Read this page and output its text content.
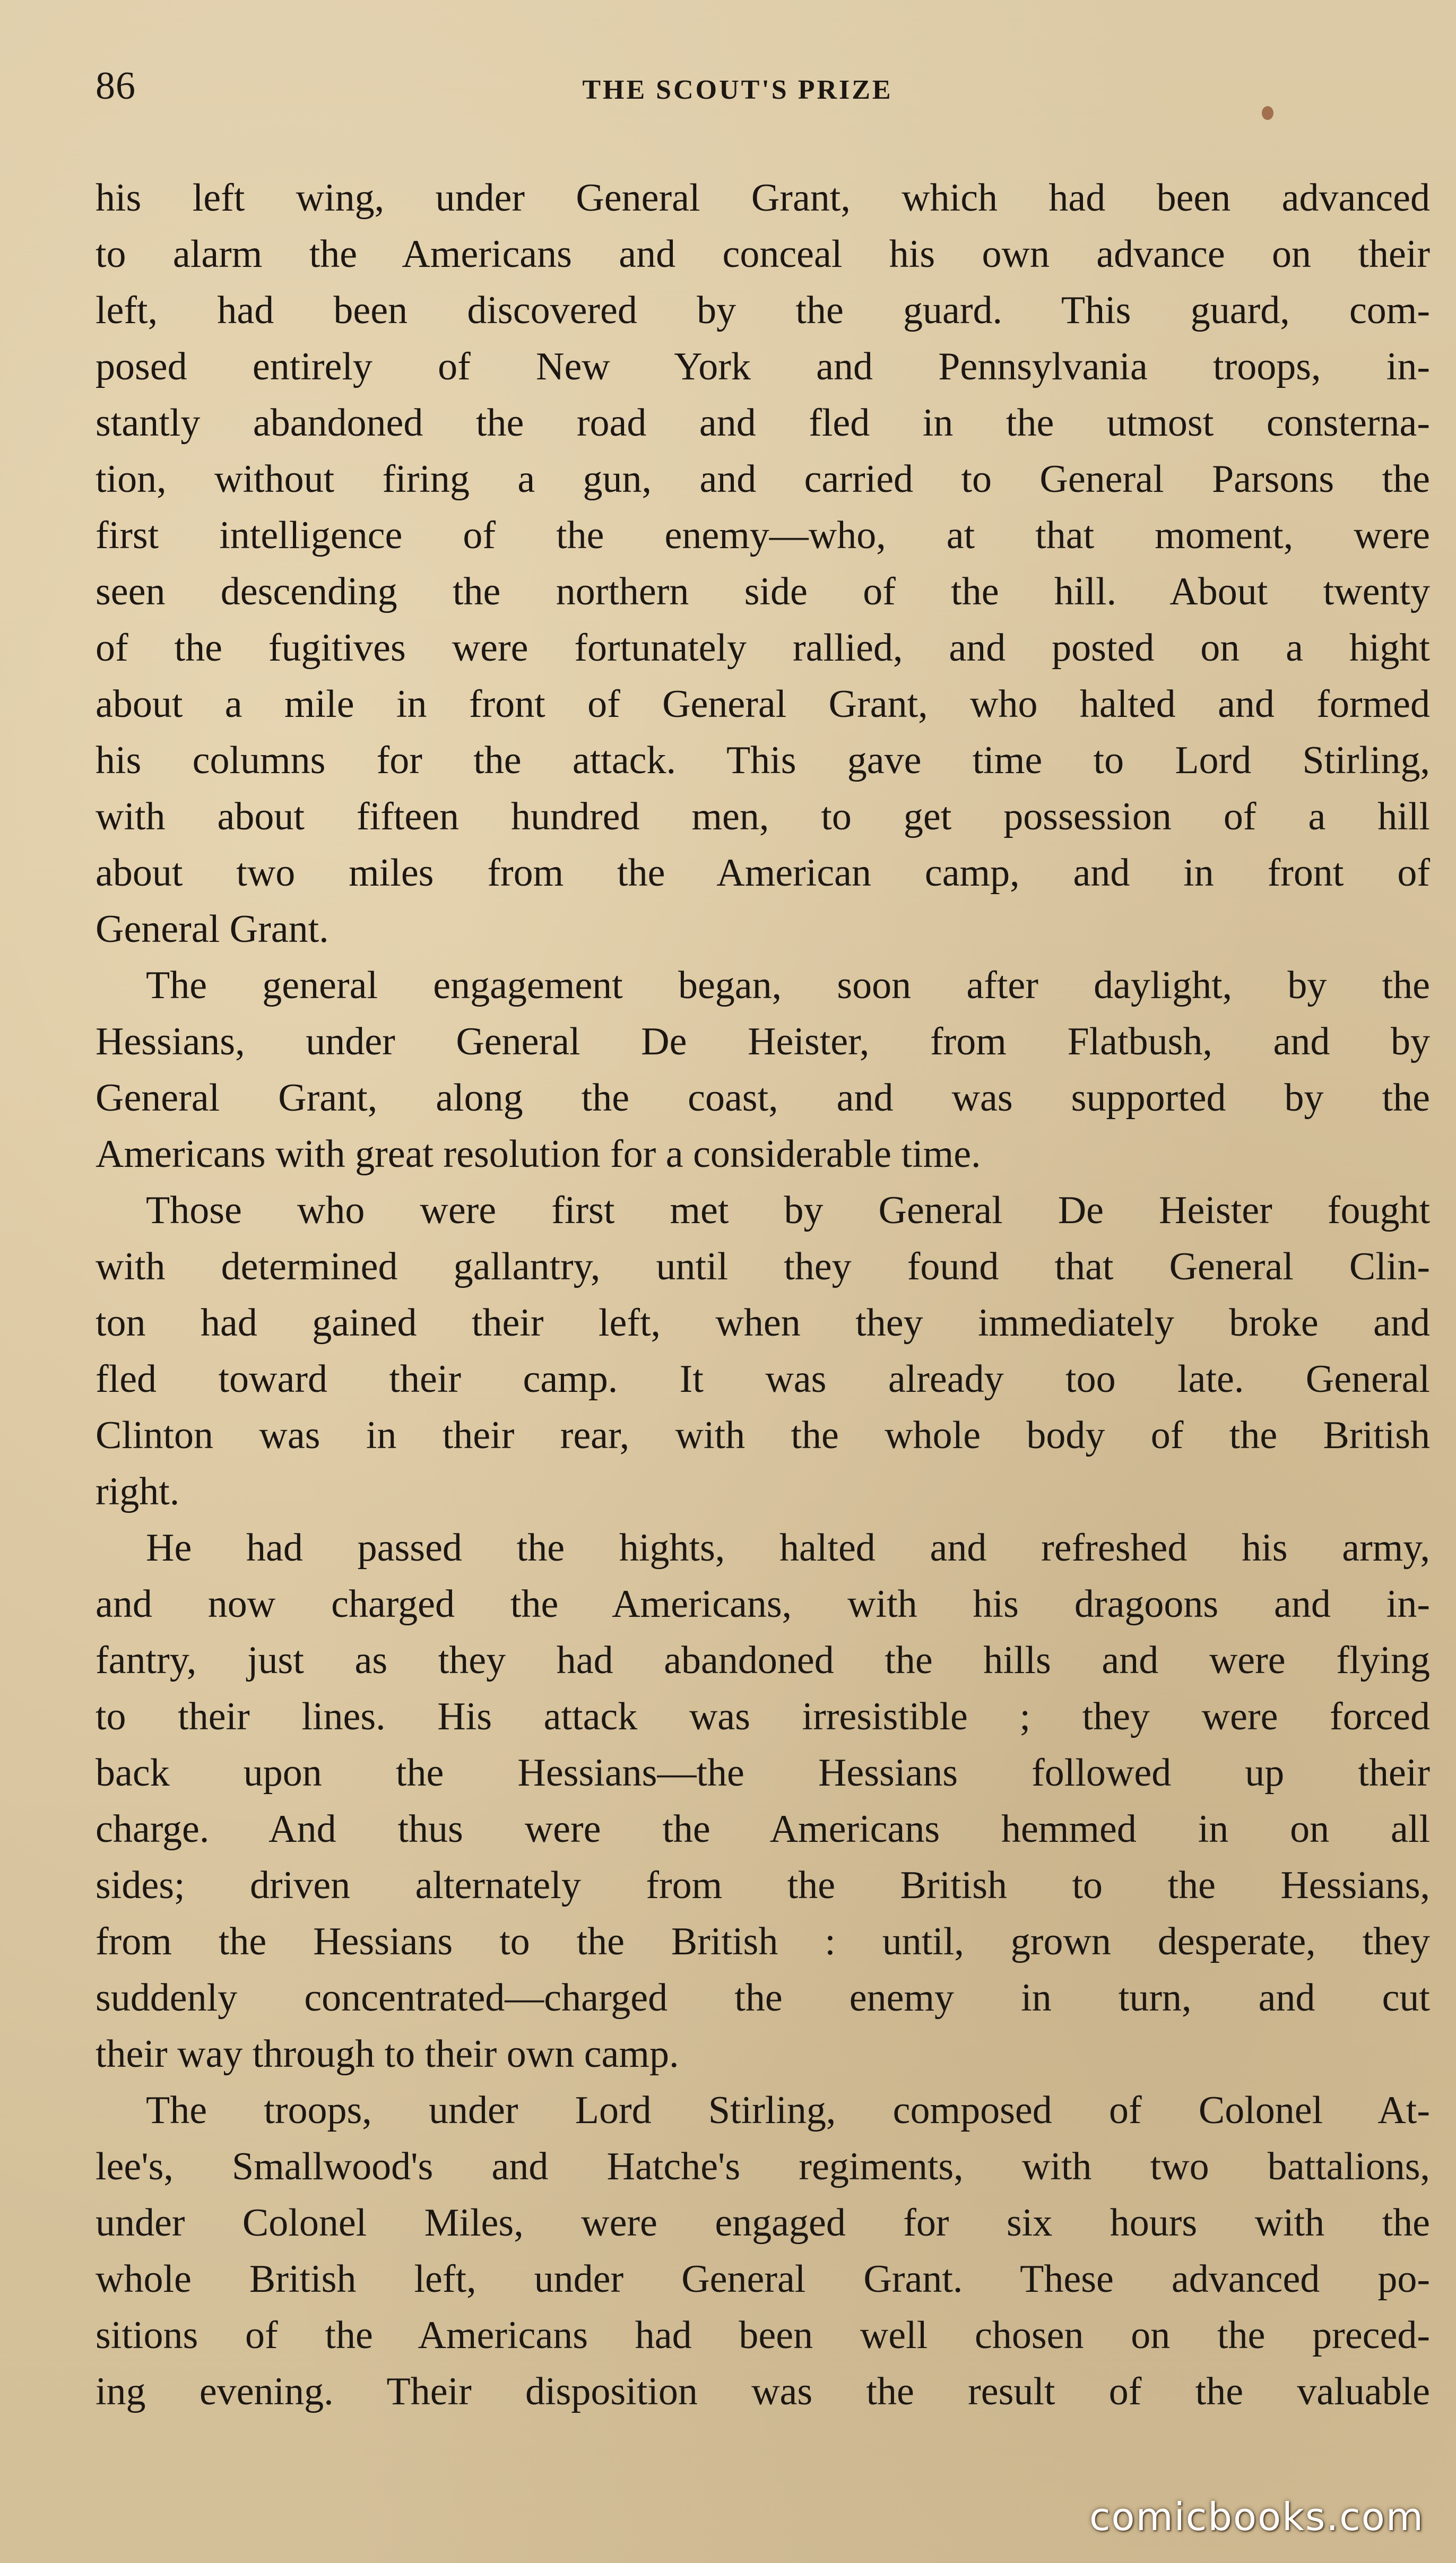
86	THE SCOUT'S PRIZE
his left wing, under General Grant, which had been advanced
to alarm the Americans and conceal his own advance on their
left, had been discovered by the guard. This guard, com-
posed entirely of New York and Pennsylvania troops, in-
stantly abandoned the road and fled in the utmost consterna-
tion, without firing a gun, and carried to General Parsons the
first intelligence of the enemy—who, at that moment, were
seen descending the northern side of the hill. About twenty
of the fugitives were fortunately rallied, and posted on a hight
about a mile in front of General Grant, who halted and formed
his columns for the attack. This gave time to Lord Stirling,
with about fifteen hundred men, to get possession of a hill
about two miles from the American camp, and in front of
General Grant.
The general engagement began, soon after daylight, by the
Hessians, under General De Heister, from Flatbush, and by
General Grant, along the coast, and was supported by the
Americans with great resolution for a considerable time.
Those who were first met by General De Heister fought
with determined gallantry, until they found that General Clin-
ton had gained their left, when they immediately broke and
fled toward their camp. It was already too late. General
Clinton was in their rear, with the whole body of the British
right.
He had passed the hights, halted and refreshed his army,
and now charged the Americans, with his dragoons and in-
fantry, just as they had abandoned the hills and were flying
to their lines. His attack was irresistible ; they were forced
back upon the Hessians—the Hessians followed up their
charge. And thus were the Americans hemmed in on all
sides; driven alternately from the British to the Hessians,
from the Hessians to the British : until, grown desperate, they
suddenly concentrated—charged the enemy in turn, and cut
their way through to their own camp.
The troops, under Lord Stirling, composed of Colonel At-
lee's, Smallwood's and Hatche's regiments, with two battalions,
under Colonel Miles, were engaged for six hours with the
whole British left, under General Grant. These advanced po-
sitions of the Americans had been well chosen on the preced-
ing evening. Their disposition was the result of the valuable
comicbooks.com
